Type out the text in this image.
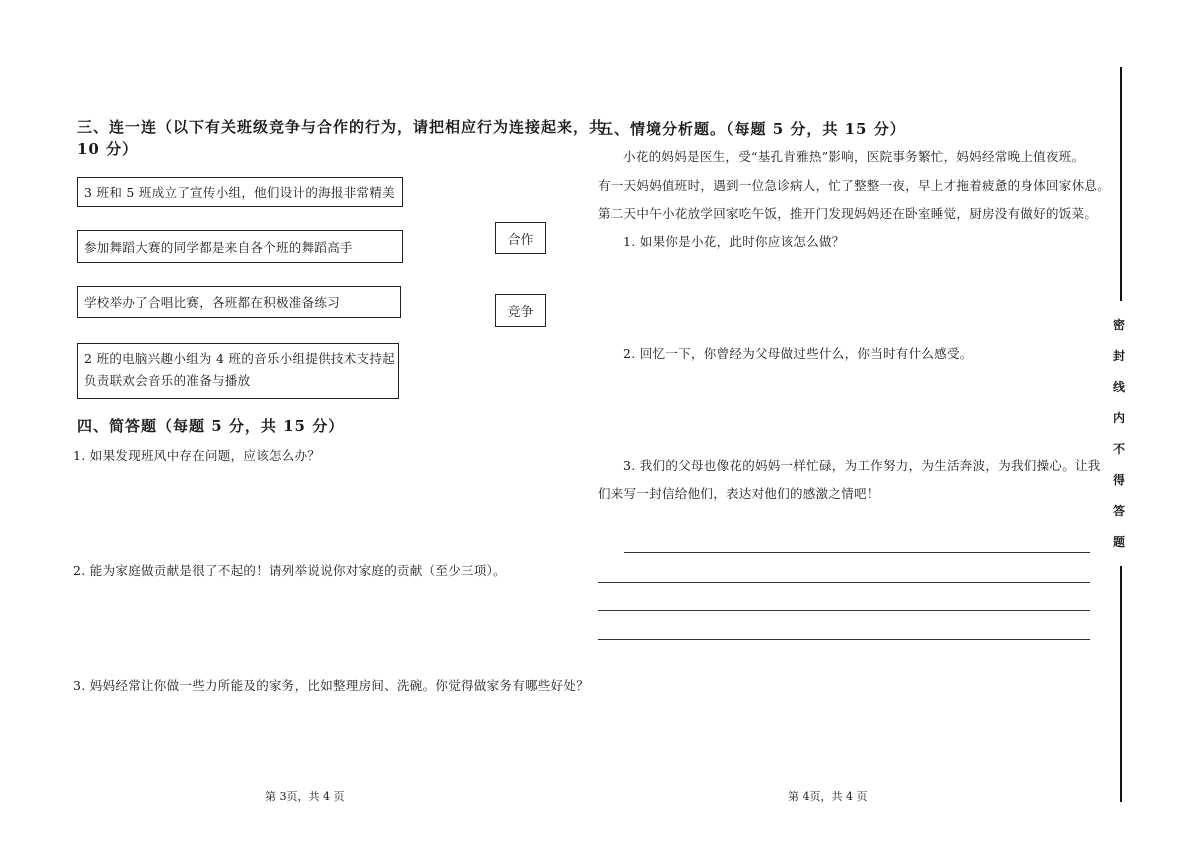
三、连一连（以下有关班级竞争与合作的行为，请把相应行为连接起来，共
10 分）
3 班和 5 班成立了宣传小组，他们设计的海报非常精美
参加舞蹈大赛的同学都是来自各个班的舞蹈高手
学校举办了合唱比赛，各班都在积极准备练习
2 班的电脑兴趣小组为 4 班的音乐小组提供技术支持起
负责联欢会音乐的准备与播放
合作
竞争
四、简答题（每题 5 分，共 15 分）
1. 如果发现班风中存在问题，应该怎么办？
2. 能为家庭做贡献是很了不起的！请列举说说你对家庭的贡献（至少三项）。
3. 妈妈经常让你做一些力所能及的家务，比如整理房间、洗碗。你觉得做家务有哪些好处？
第 3页，共 4 页
五、情境分析题。（每题 5 分，共 15 分）
小花的妈妈是医生，受“基孔肯雅热”影响，医院事务繁忙，妈妈经常晚上值夜班。
有一天妈妈值班时，遇到一位急诊病人，忙了整整一夜，早上才拖着疲惫的身体回家休息。
第二天中午小花放学回家吃午饭，推开门发现妈妈还在卧室睡觉，厨房没有做好的饭菜。
1. 如果你是小花，此时你应该怎么做？
2. 回忆一下，你曾经为父母做过些什么，你当时有什么感受。
3. 我们的父母也像花的妈妈一样忙碌，为工作努力，为生活奔波，为我们操心。让我
们来写一封信给他们，表达对他们的感激之情吧！
第 4页，共 4 页
密
封
线
内
不
得
答
题
